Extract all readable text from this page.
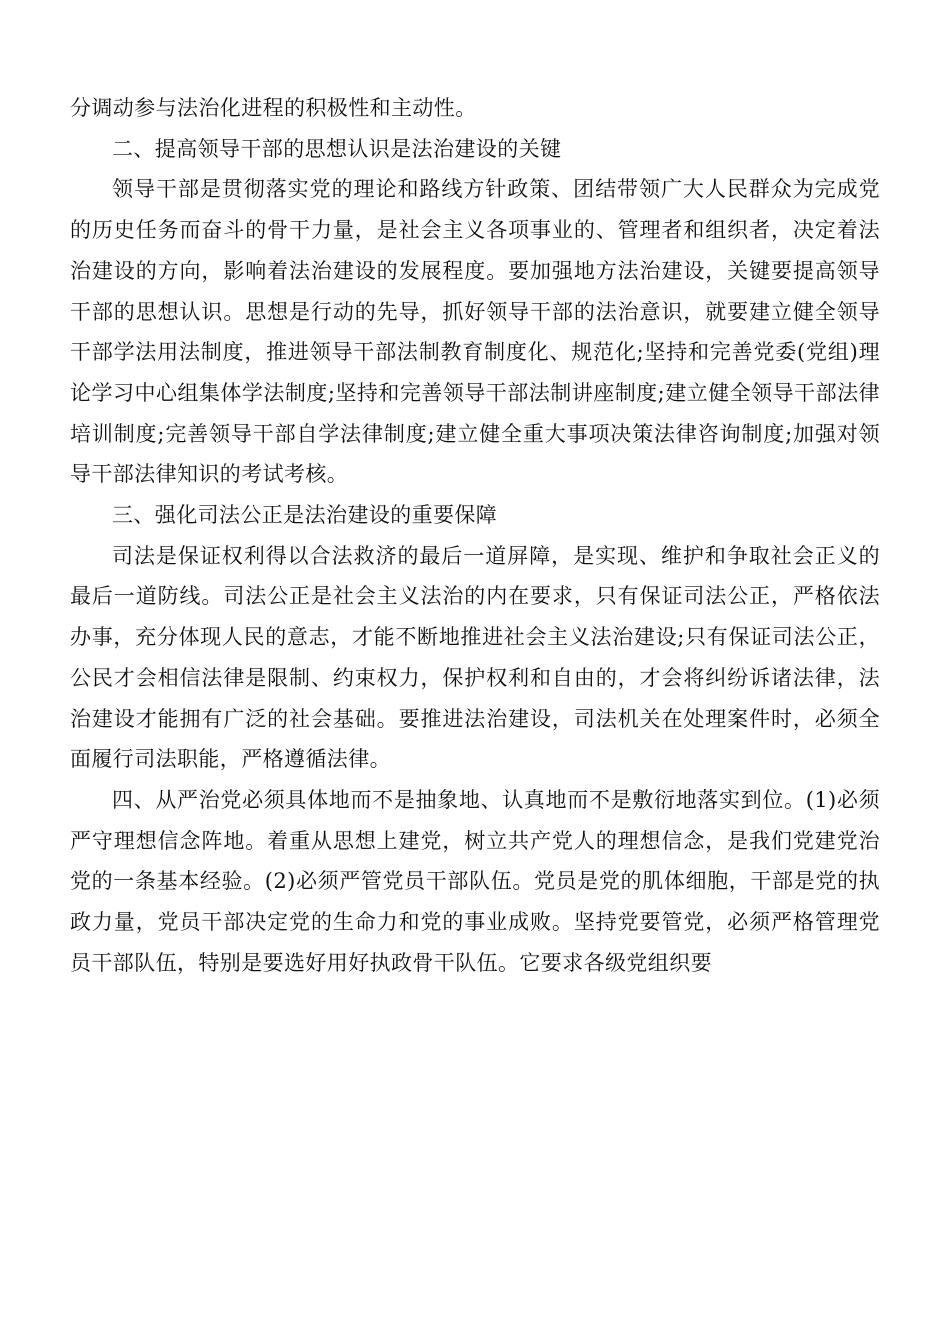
分调动参与法治化进程的积极性和主动性。

二、提高领导干部的思想认识是法治建设的关键

领导干部是贯彻落实党的理论和路线方针政策、团结带领广大人民群众为完成党的历史任务而奋斗的骨干力量，是社会主义各项事业的、管理者和组织者，决定着法治建设的方向，影响着法治建设的发展程度。要加强地方法治建设，关键要提高领导干部的思想认识。思想是行动的先导，抓好领导干部的法治意识，就要建立健全领导干部学法用法制度，推进领导干部法制教育制度化、规范化;坚持和完善党委(党组)理论学习中心组集体学法制度;坚持和完善领导干部法制讲座制度;建立健全领导干部法律培训制度;完善领导干部自学法律制度;建立健全重大事项决策法律咨询制度;加强对领导干部法律知识的考试考核。

三、强化司法公正是法治建设的重要保障

司法是保证权利得以合法救济的最后一道屏障，是实现、维护和争取社会正义的最后一道防线。司法公正是社会主义法治的内在要求，只有保证司法公正，严格依法办事，充分体现人民的意志，才能不断地推进社会主义法治建设;只有保证司法公正，公民才会相信法律是限制、约束权力，保护权利和自由的，才会将纠纷诉诸法律，法治建设才能拥有广泛的社会基础。要推进法治建设，司法机关在处理案件时，必须全面履行司法职能，严格遵循法律。

四、从严治党必须具体地而不是抽象地、认真地而不是敷衍地落实到位。(1)必须严守理想信念阵地。着重从思想上建党，树立共产党人的理想信念，是我们党建党治党的一条基本经验。(2)必须严管党员干部队伍。党员是党的肌体细胞，干部是党的执政力量，党员干部决定党的生命力和党的事业成败。坚持党要管党，必须严格管理党员干部队伍，特别是要选好用好执政骨干队伍。它要求各级党组织要
